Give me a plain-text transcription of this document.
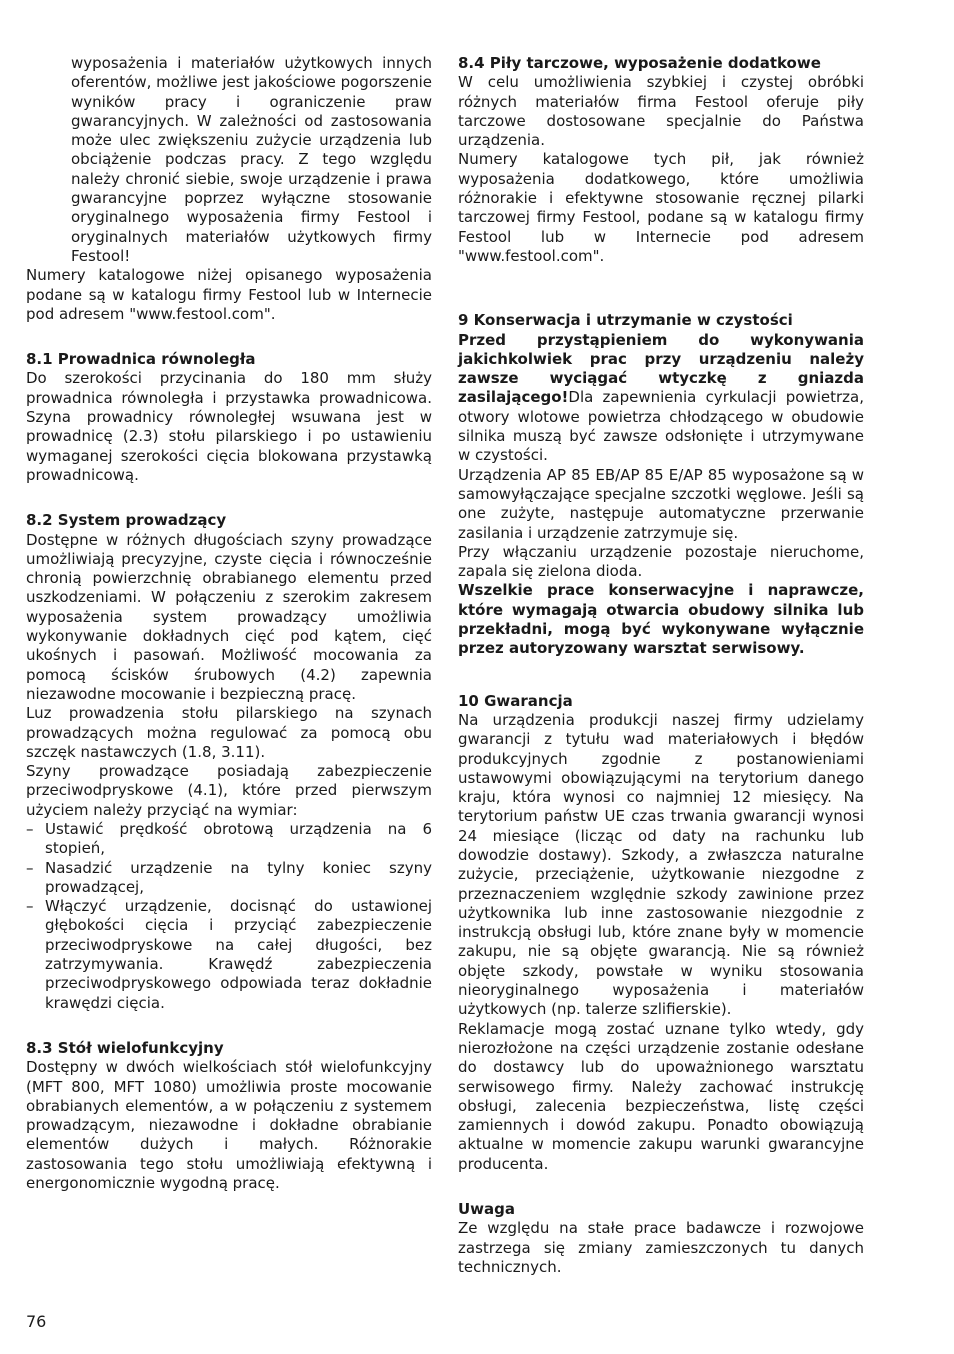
wyposażenia i materiałów użytkowych innych oferentów, możliwe jest jakościowe pogorszenie wyników pracy i ograniczenie praw gwarancyjnych. W zależności od zastosowania może ulec zwiększeniu zużycie urządzenia lub obciążenie podczas pracy. Z tego względu należy chronić siebie, swoje urządzenie i prawa gwarancyjne poprzez wyłączne stosowanie oryginalnego wyposażenia firmy Festool i oryginalnych materiałów użytkowych firmy Festool!

Numery katalogowe niżej opisanego wyposażenia podane są w katalogu firmy Festool lub w Internecie pod adresem "www.festool.com".

8.1 Prowadnica równoległa

Do szerokości przycinania do 180 mm służy prowadnica równoległa i przystawka prowadnicowa. Szyna prowadnicy równoległej wsuwana jest w prowadnicę (2.3) stołu pilarskiego i po ustawieniu wymaganej szerokości cięcia blokowana przystawką prowadnicową.

8.2 System prowadzący

Dostępne w różnych długościach szyny prowadzące umożliwiają precyzyjne, czyste cięcia i równocześnie chronią powierzchnię obrabianego elementu przed uszkodzeniami. W połączeniu z szerokim zakresem wyposażenia system prowadzący umożliwia wykonywanie dokładnych cięć pod kątem, cięć ukośnych i pasowań. Możliwość mocowania za pomocą ścisków śrubowych (4.2) zapewnia niezawodne mocowanie i bezpieczną pracę.

Luz prowadzenia stołu pilarskiego na szynach prowadzących można regulować za pomocą obu szczęk nastawczych (1.8, 3.11).

Szyny prowadzące posiadają zabezpieczenie przeciwodpryskowe (4.1), które przed pierwszym użyciem należy przyciąć na wymiar:

– Ustawić prędkość obrotową urządzenia na 6 stopień,
– Nasadzić urządzenie na tylny koniec szyny prowadzącej,
– Włączyć urządzenie, docisnąć do ustawionej głębokości cięcia i przyciąć zabezpieczenie przeciwodpryskowe na całej długości, bez zatrzymywania. Krawędź zabezpieczenia przeciwodpryskowego odpowiada teraz dokładnie krawędzi cięcia.
8.3 Stół wielofunkcyjny

Dostępny w dwóch wielkościach stół wielofunkcyjny (MFT 800, MFT 1080) umożliwia proste mocowanie obrabianych elementów, a w połączeniu z systemem prowadzącym, niezawodne i dokładne obrabianie elementów dużych i małych. Różnorakie zastosowania tego stołu umożliwiają efektywną i energonomicznie wygodną pracę.

8.4 Piły tarczowe, wyposażenie dodatkowe

W celu umożliwienia szybkiej i czystej obróbki różnych materiałów firma Festool oferuje piły tarczowe dostosowane specjalnie do Państwa urządzenia.

Numery katalogowe tych pił, jak również wyposażenia dodatkowego, które umożliwia różnorakie i efektywne stosowanie ręcznej pilarki tarczowej firmy Festool, podane są w katalogu firmy Festool lub w Internecie pod adresem "www.festool.com".

9 Konserwacja i utrzymanie w czystości

Przed przystąpieniem do wykonywania jakichkolwiek prac przy urządzeniu należy zawsze wyciągać wtyczkę z gniazda zasilającego!Dla zapewnienia cyrkulacji powietrza, otwory wlotowe powietrza chłodzącego w obudowie silnika muszą być zawsze odsłonięte i utrzymywane w czystości.

Urządzenia AP 85 EB/AP 85 E/AP 85 wyposażone są w samowyłączające specjalne szczotki węglowe. Jeśli są one zużyte, następuje automatyczne przerwanie zasilania i urządzenie zatrzymuje się.

Przy włączaniu urządzenie pozostaje nieruchome, zapala się zielona dioda.

Wszelkie prace konserwacyjne i naprawcze, które wymagają otwarcia obudowy silnika lub przekładni, mogą być wykonywane wyłącznie przez autoryzowany warsztat serwisowy.

10 Gwarancja

Na urządzenia produkcji naszej firmy udzielamy gwarancji z tytułu wad materiałowych i błędów produkcyjnych zgodnie z postanowieniami ustawowymi obowiązującymi na terytorium danego kraju, która wynosi co najmniej 12 miesięcy. Na terytorium państw UE czas trwania gwarancji wynosi 24 miesiące (licząc od daty na rachunku lub dowodzie dostawy). Szkody, a zwłaszcza naturalne zużycie, przeciążenie, użytkowanie niezgodne z przeznaczeniem względnie szkody zawinione przez użytkownika lub inne zastosowanie niezgodnie z instrukcją obsługi lub, które znane były w momencie zakupu, nie są objęte gwarancją. Nie są również objęte szkody, powstałe w wyniku stosowania nieoryginalnego wyposażenia i materiałów użytkowych (np. talerze szlifierskie).

Reklamacje mogą zostać uznane tylko wtedy, gdy nierozłożone na części urządzenie zostanie odesłane do dostawcy lub do upoważnionego warsztatu serwisowego firmy. Należy zachować instrukcję obsługi, zalecenia bezpieczeństwa, listę części zamiennych i dowód zakupu. Ponadto obowiązują aktualne w momencie zakupu warunki gwarancyjne producenta.

Uwaga

Ze względu na stałe prace badawcze i rozwojowe zastrzega się zmiany zamieszczonych tu danych technicznych.

76
